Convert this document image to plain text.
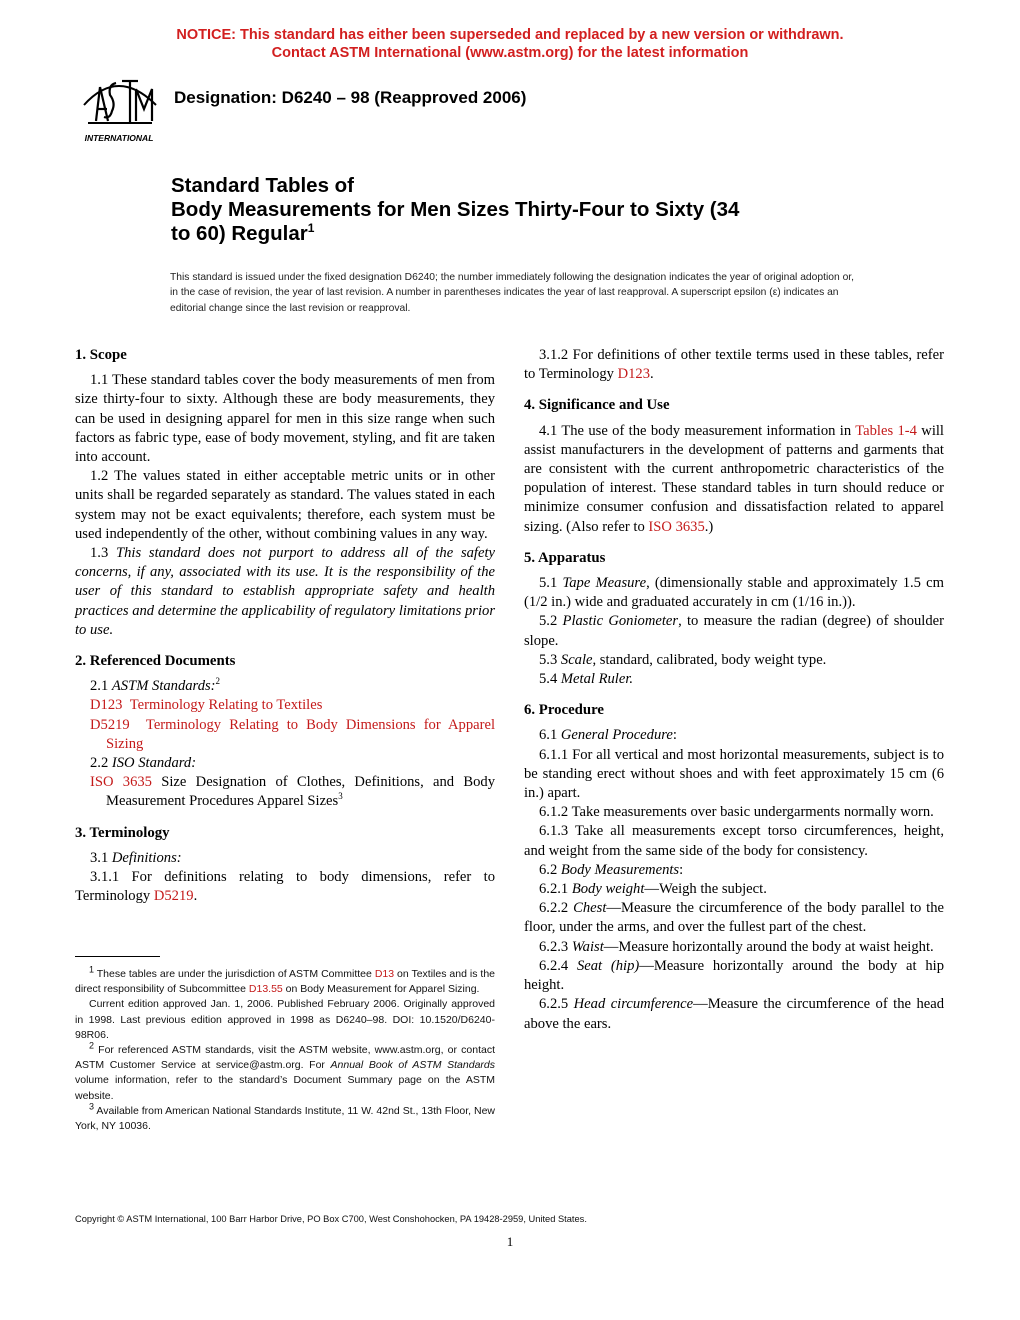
NOTICE: This standard has either been superseded and replaced by a new version or withdrawn.
Contact ASTM International (www.astm.org) for the latest information
INTERNATIONAL
Designation: D6240 – 98 (Reapproved 2006)
Standard Tables of
Body Measurements for Men Sizes Thirty-Four to Sixty (34
to 60) Regular$^1$
This standard is issued under the fixed designation D6240; the number immediately following the designation indicates the year of original adoption or, in the case of revision, the year of last revision. A number in parentheses indicates the year of last reapproval. A superscript epsilon (ε) indicates an editorial change since the last revision or reapproval.
1. Scope

1.1 These standard tables cover the body measurements of men from size thirty-four to sixty. Although these are body measurements, they can be used in designing apparel for men in this size range when such factors as fabric type, ease of body movement, styling, and fit are taken into account.

1.2 The values stated in either acceptable metric units or in other units shall be regarded separately as standard. The values stated in each system may not be exact equivalents; therefore, each system must be used independently of the other, without combining values in any way.

1.3 This standard does not purport to address all of the safety concerns, if any, associated with its use. It is the responsibility of the user of this standard to establish appropriate safety and health practices and determine the applicability of regulatory limitations prior to use.

2. Referenced Documents

2.1 ASTM Standards:$^2$

D123 Terminology Relating to Textiles

D5219 Terminology Relating to Body Dimensions for Apparel Sizing

2.2 ISO Standard:

ISO 3635 Size Designation of Clothes, Definitions, and Body Measurement Procedures Apparel Sizes$^3$

3. Terminology

3.1 Definitions:

3.1.1 For definitions relating to body dimensions, refer to Terminology D5219.

3.1.2 For definitions of other textile terms used in these tables, refer to Terminology D123.

4. Significance and Use

4.1 The use of the body measurement information in Tables 1-4 will assist manufacturers in the development of patterns and garments that are consistent with the current anthropometric characteristics of the population of interest. These standard tables in turn should reduce or minimize consumer confusion and dissatisfaction related to apparel sizing. (Also refer to ISO 3635.)

5. Apparatus

5.1 Tape Measure, (dimensionally stable and approximately 1.5 cm (1/2 in.) wide and graduated accurately in cm (1/16 in.)).

5.2 Plastic Goniometer, to measure the radian (degree) of shoulder slope.

5.3 Scale, standard, calibrated, body weight type.

5.4 Metal Ruler.

6. Procedure

6.1 General Procedure:

6.1.1 For all vertical and most horizontal measurements, subject is to be standing erect without shoes and with feet approximately 15 cm (6 in.) apart.

6.1.2 Take measurements over basic undergarments normally worn.

6.1.3 Take all measurements except torso circumferences, height, and weight from the same side of the body for consistency.

6.2 Body Measurements:

6.2.1 Body weight—Weigh the subject.

6.2.2 Chest—Measure the circumference of the body parallel to the floor, under the arms, and over the fullest part of the chest.

6.2.3 Waist—Measure horizontally around the body at waist height.

6.2.4 Seat (hip)—Measure horizontally around the body at hip height.

6.2.5 Head circumference—Measure the circumference of the head above the ears.

$^1$ These tables are under the jurisdiction of ASTM Committee D13 on Textiles and is the direct responsibility of Subcommittee D13.55 on Body Measurement for Apparel Sizing.

Current edition approved Jan. 1, 2006. Published February 2006. Originally approved in 1998. Last previous edition approved in 1998 as D6240–98. DOI: 10.1520/D6240-98R06.

$^2$ For referenced ASTM standards, visit the ASTM website, www.astm.org, or contact ASTM Customer Service at service@astm.org. For Annual Book of ASTM Standards volume information, refer to the standard’s Document Summary page on the ASTM website.

$^3$ Available from American National Standards Institute, 11 W. 42nd St., 13th Floor, New York, NY 10036.

Copyright © ASTM International, 100 Barr Harbor Drive, PO Box C700, West Conshohocken, PA 19428-2959, United States.
1
